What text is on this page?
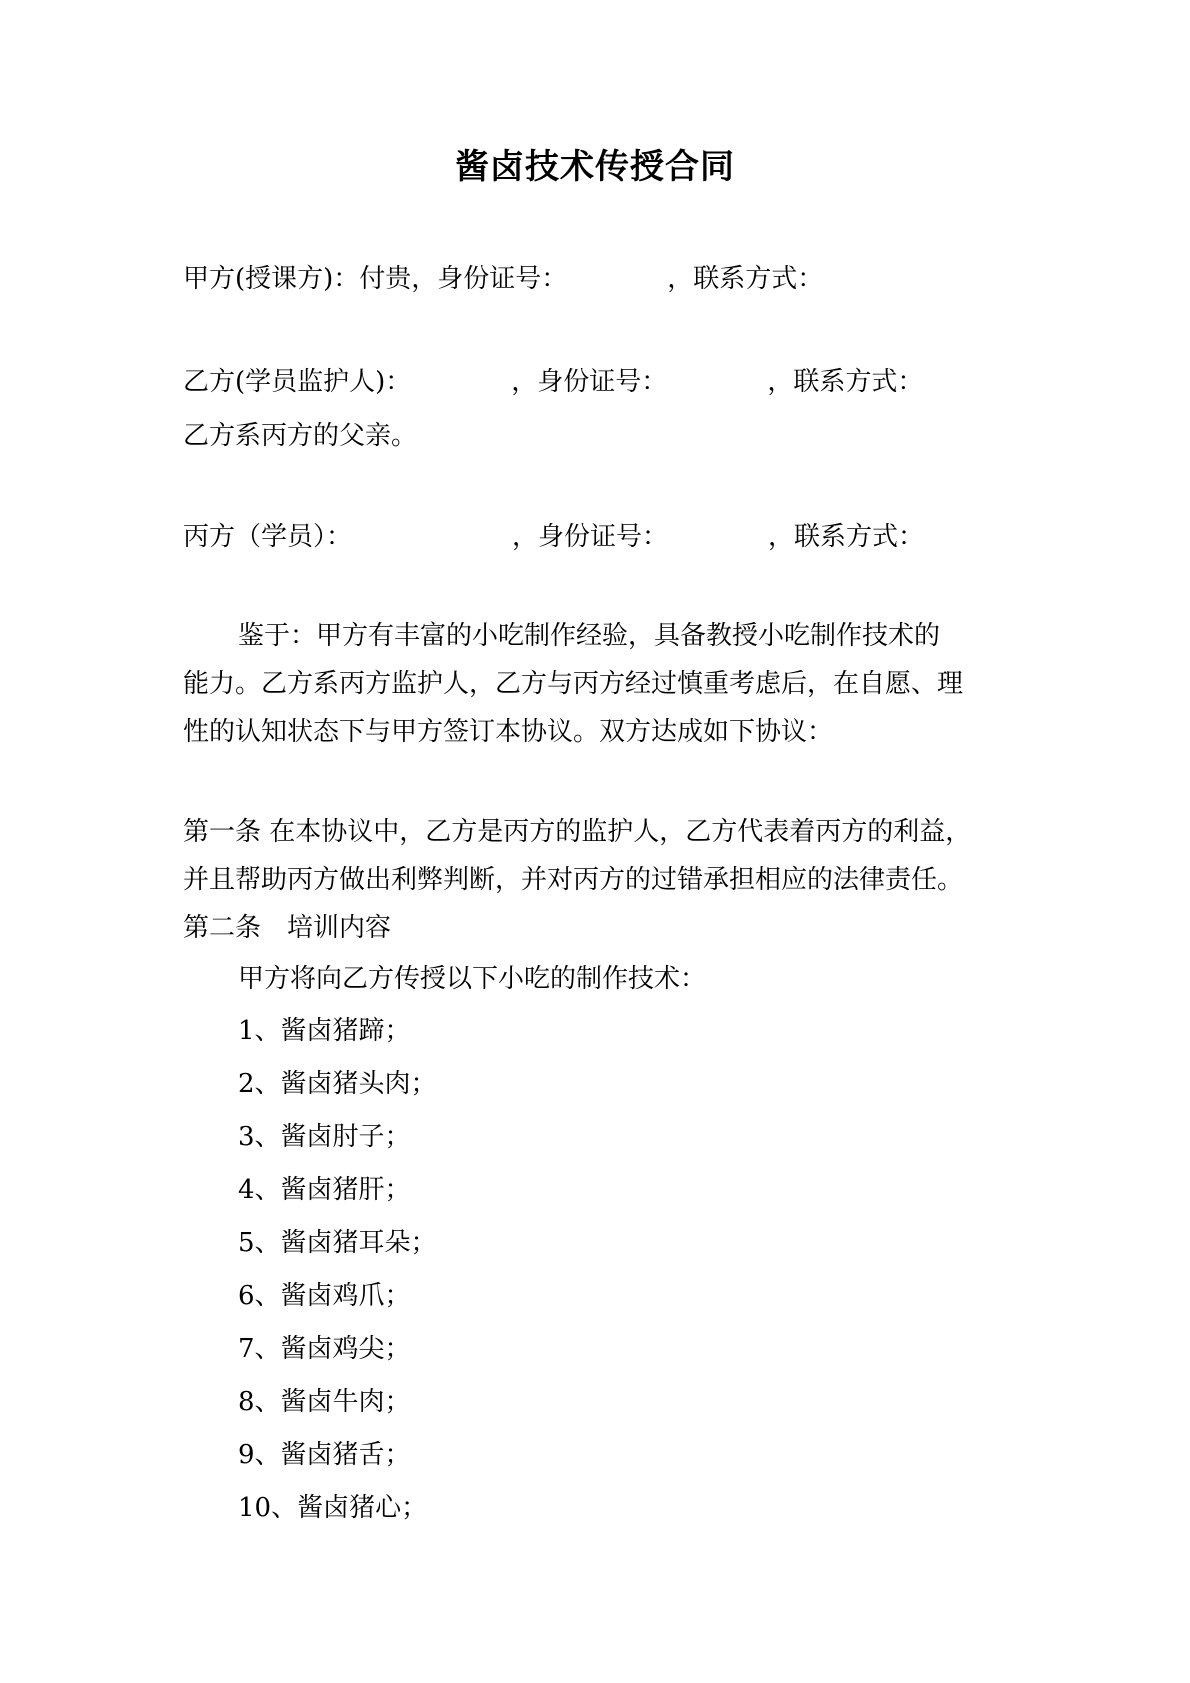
酱卤技术传授合同
甲方(授课方)：付贵，身份证号：	，联系方式：
乙方(学员监护人)：	，身份证号：	，联系方式：
乙方系丙方的父亲。
丙方（学员）：	，身份证号：	，联系方式：
鉴于：甲方有丰富的小吃制作经验，具备教授小吃制作技术的
能力。乙方系丙方监护人，乙方与丙方经过慎重考虑后，在自愿、理
性的认知状态下与甲方签订本协议。双方达成如下协议：
第一条 在本协议中，乙方是丙方的监护人，乙方代表着丙方的利益，
并且帮助丙方做出利弊判断，并对丙方的过错承担相应的法律责任。
第二条　培训内容
甲方将向乙方传授以下小吃的制作技术：
1、酱卤猪蹄；
2、酱卤猪头肉；
3、酱卤肘子；
4、酱卤猪肝；
5、酱卤猪耳朵；
6、酱卤鸡爪；
7、酱卤鸡尖；
8、酱卤牛肉；
9、酱卤猪舌；
10、酱卤猪心；
